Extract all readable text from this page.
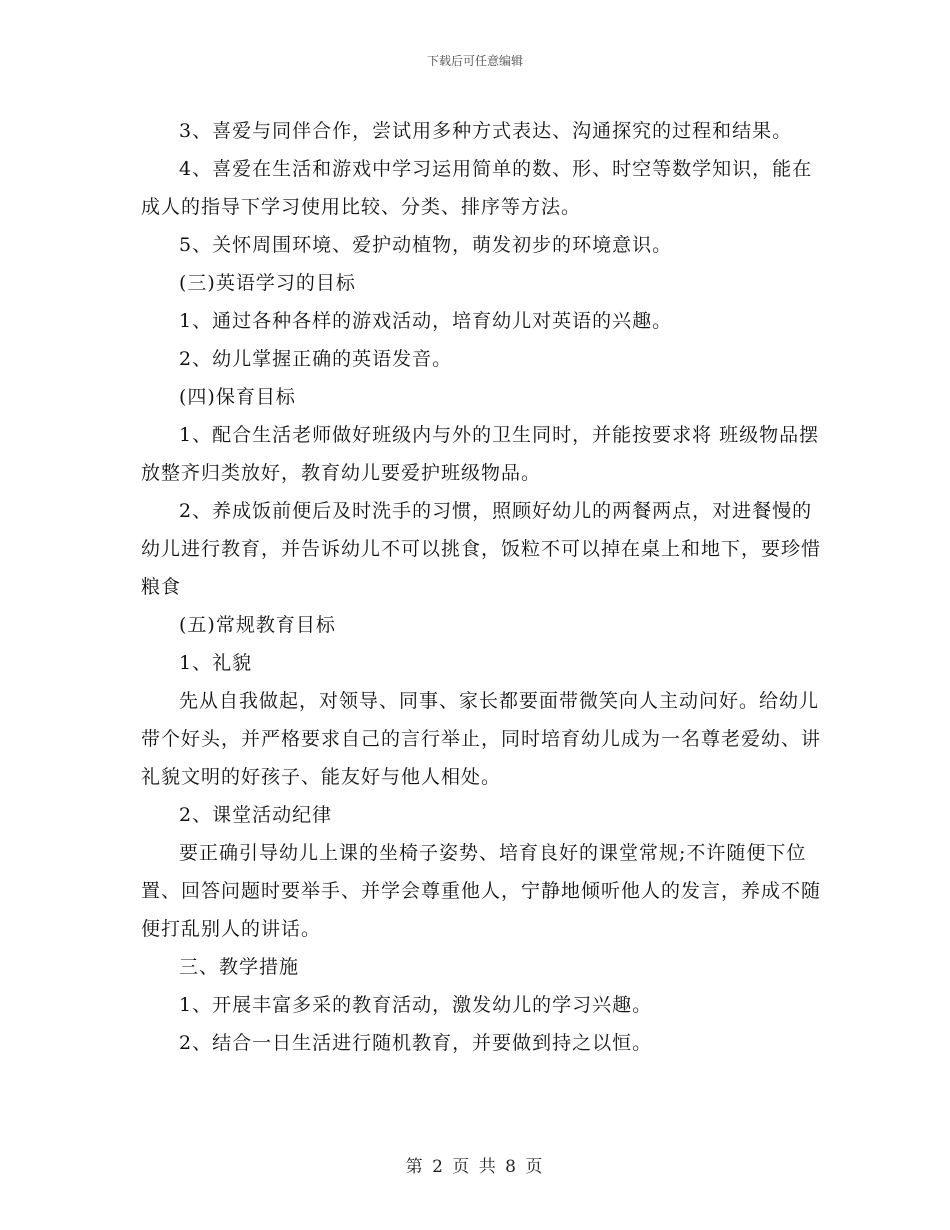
下载后可任意编辑

3、喜爱与同伴合作，尝试用多种方式表达、沟通探究的过程和结果。

4、喜爱在生活和游戏中学习运用简单的数、形、时空等数学知识，能在成人的指导下学习使用比较、分类、排序等方法。

5、关怀周围环境、爱护动植物，萌发初步的环境意识。

(三)英语学习的目标

1、通过各种各样的游戏活动，培育幼儿对英语的兴趣。

2、幼儿掌握正确的英语发音。

(四)保育目标

1、配合生活老师做好班级内与外的卫生同时，并能按要求将 班级物品摆放整齐归类放好，教育幼儿要爱护班级物品。

2、养成饭前便后及时洗手的习惯，照顾好幼儿的两餐两点，对进餐慢的幼儿进行教育，并告诉幼儿不可以挑食，饭粒不可以掉在桌上和地下，要珍惜粮食

(五)常规教育目标

1、礼貌

先从自我做起，对领导、同事、家长都要面带微笑向人主动问好。给幼儿带个好头，并严格要求自己的言行举止，同时培育幼儿成为一名尊老爱幼、讲礼貌文明的好孩子、能友好与他人相处。

2、课堂活动纪律

要正确引导幼儿上课的坐椅子姿势、培育良好的课堂常规;不许随便下位置、回答问题时要举手、并学会尊重他人，宁静地倾听他人的发言，养成不随便打乱别人的讲话。

三、教学措施

1、开展丰富多采的教育活动，激发幼儿的学习兴趣。

2、结合一日生活进行随机教育，并要做到持之以恒。

第 2 页 共 8 页
